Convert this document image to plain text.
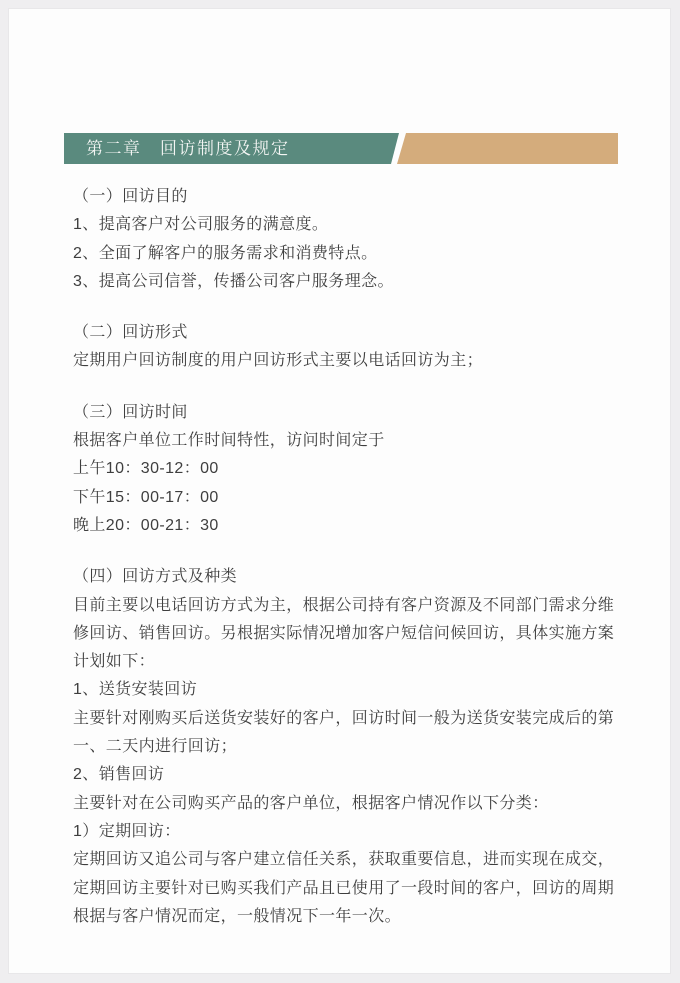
第二章　回访制度及规定
（一）回访目的
1、提高客户对公司服务的满意度。
2、全面了解客户的服务需求和消费特点。
3、提高公司信誉，传播公司客户服务理念。
（二）回访形式
定期用户回访制度的用户回访形式主要以电话回访为主；
（三）回访时间
根据客户单位工作时间特性，访问时间定于
上午10：30-12：00
下午15：00-17：00
晚上20：00-21：30
（四）回访方式及种类
目前主要以电话回访方式为主，根据公司持有客户资源及不同部门需求分维
修回访、销售回访。另根据实际情况增加客户短信问候回访，具体实施方案
计划如下：
1、送货安装回访
主要针对刚购买后送货安装好的客户，回访时间一般为送货安装完成后的第
一、二天内进行回访；
2、销售回访
主要针对在公司购买产品的客户单位，根据客户情况作以下分类：
1）定期回访：
定期回访又追公司与客户建立信任关系，获取重要信息，进而实现在成交，
定期回访主要针对已购买我们产品且已使用了一段时间的客户，回访的周期
根据与客户情况而定，一般情况下一年一次。
